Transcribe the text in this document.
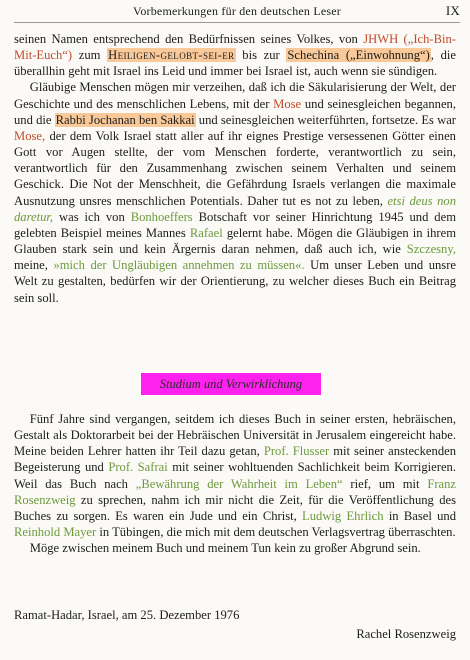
Vorbemerkungen für den deutschen Leser	IX

seinen Namen entsprechend den Bedürfnissen seines Volkes, von JHWH („Ich-Bin-Mit-Euch“) zum Heiligen-gelobt-sei-er bis zur Schechina („Einwohnung“), die überallhin geht mit Israel ins Leid und immer bei Israel ist, auch wenn sie sündigen.

Gläubige Menschen mögen mir verzeihen, daß ich die Säkularisierung der Welt, der Geschichte und des menschlichen Lebens, mit der Mose und seinesgleichen begannen, und die Rabbi Jochanan ben Sakkai und seinesgleichen weiterführten, fortsetze. Es war Mose, der dem Volk Israel statt aller auf ihr eignes Prestige versessenen Götter einen Gott vor Augen stellte, der vom Menschen forderte, verantwortlich zu sein, verantwortlich für den Zusammenhang zwischen seinem Verhalten und seinem Geschick. Die Not der Menschheit, die Gefährdung Israels verlangen die maximale Ausnutzung unsres menschlichen Potentials. Daher tut es not zu leben, etsi deus non daretur, was ich von Bonhoeffers Botschaft vor seiner Hinrichtung 1945 und dem gelebten Beispiel meines Mannes Rafael gelernt habe. Mögen die Gläubigen in ihrem Glauben stark sein und kein Ärgernis daran nehmen, daß auch ich, wie Szczesny, meine, »mich der Ungläubigen annehmen zu müssen«. Um unser Leben und unsre Welt zu gestalten, bedürfen wir der Orientierung, zu welcher dieses Buch ein Beitrag sein soll.

Studium und Verwirklichung

Fünf Jahre sind vergangen, seitdem ich dieses Buch in seiner ersten, hebräischen, Gestalt als Doktorarbeit bei der Hebräischen Universität in Jerusalem eingereicht habe. Meine beiden Lehrer hatten ihr Teil dazu getan, Prof. Flusser mit seiner ansteckenden Begeisterung und Prof. Safrai mit seiner wohltuenden Sachlichkeit beim Korrigieren. Weil das Buch nach „Bewährung der Wahrheit im Leben“ rief, um mit Franz Rosenzweig zu sprechen, nahm ich mir nicht die Zeit, für die Veröffentlichung des Buches zu sorgen. Es waren ein Jude und ein Christ, Ludwig Ehrlich in Basel und Reinhold Mayer in Tübingen, die mich mit dem deutschen Verlagsvertrag überraschten.

Möge zwischen meinem Buch und meinem Tun kein zu großer Abgrund sein.

Ramat-Hadar, Israel, am 25. Dezember 1976
Rachel Rosenzweig
